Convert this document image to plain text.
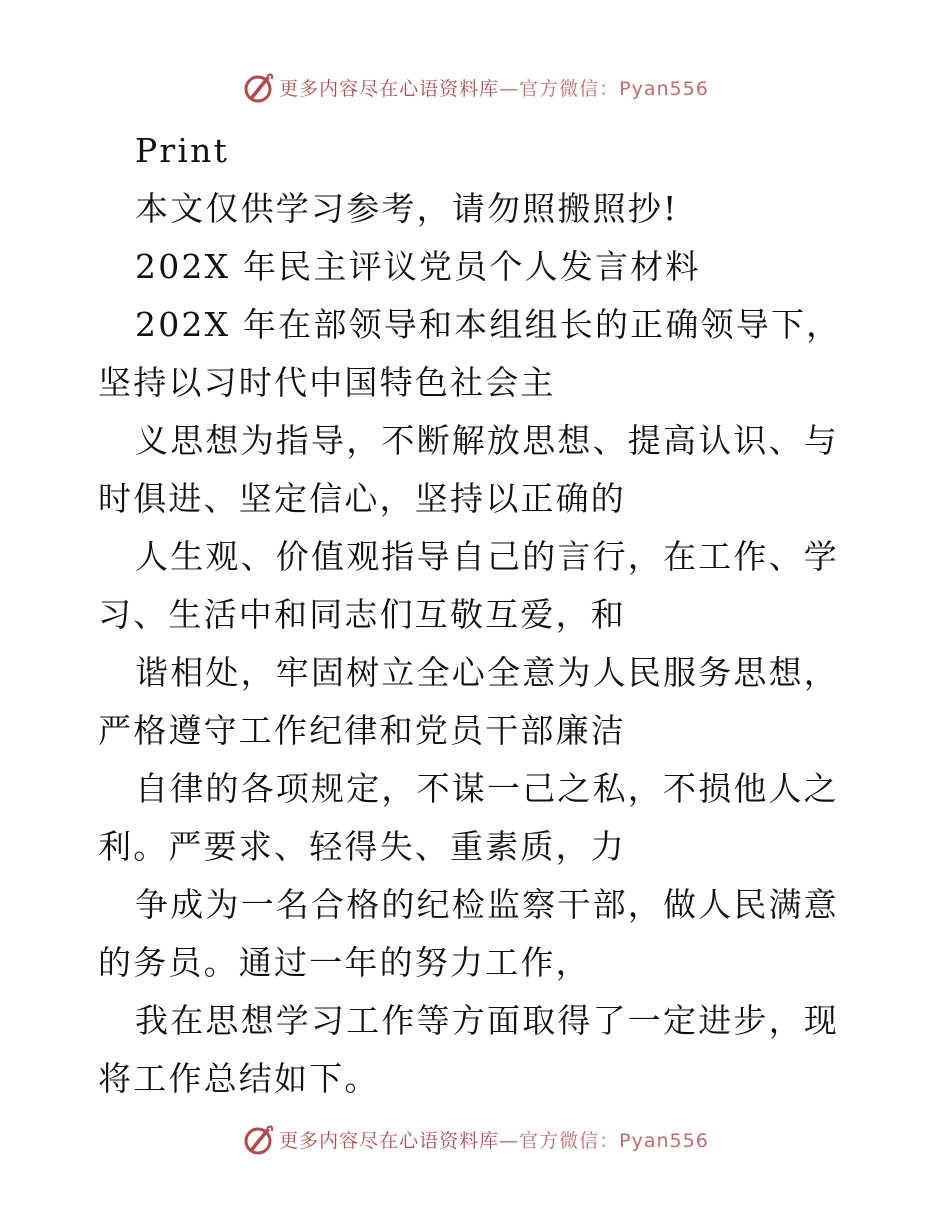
更多内容尽在心语资料库 —官方微信：Pyan556

Print

本文仅供学习参考，请勿照搬照抄!

202X 年民主评议党员个人发言材料

202X 年在部领导和本组组长的正确领导下，坚持以习时代中国特色社会主

义思想为指导，不断解放思想、提高认识、与时俱进、坚定信心，坚持以正确的

人生观、价值观指导自己的言行，在工作、学习、生活中和同志们互敬互爱，和

谐相处，牢固树立全心全意为人民服务思想，严格遵守工作纪律和党员干部廉洁

自律的各项规定，不谋一己之私，不损他人之利。严要求、轻得失、重素质，力

争成为一名合格的纪检监察干部，做人民满意的务员。通过一年的努力工作，

我在思想学习工作等方面取得了一定进步，现将工作总结如下。

更多内容尽在心语资料库 —官方微信：Pyan556
